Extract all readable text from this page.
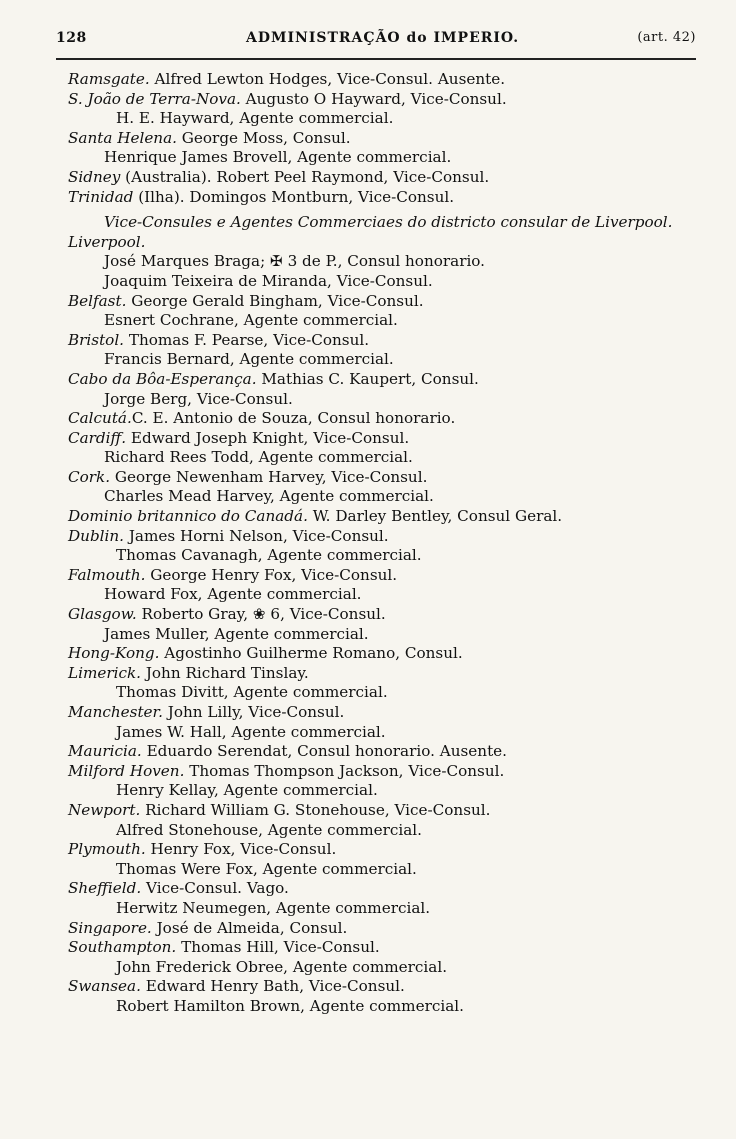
128	ADMINISTRAÇÃO do IMPERIO.	(art. 42)
Ramsgate. Alfred Lewton Hodges, Vice-Consul. Ausente.
S. João de Terra-Nova. Augusto O Hayward, Vice-Consul.
H. E. Hayward, Agente commercial.
Santa Helena. George Moss, Consul.
Henrique James Brovell, Agente commercial.
Sidney (Australia). Robert Peel Raymond, Vice-Consul.
Trinidad (Ilha). Domingos Montburn, Vice-Consul.
Vice-Consules e Agentes Commerciaes do districto consular de Liverpool.
Liverpool.
José Marques Braga; ✠ 3 de P., Consul honorario.
Joaquim Teixeira de Miranda, Vice-Consul.
Belfast. George Gerald Bingham, Vice-Consul.
Esnert Cochrane, Agente commercial.
Bristol. Thomas F. Pearse, Vice-Consul.
Francis Bernard, Agente commercial.
Cabo da Bôa-Esperança. Mathias C. Kaupert, Consul.
Jorge Berg, Vice-Consul.
Calcutá.C. E. Antonio de Souza, Consul honorario.
Cardiff. Edward Joseph Knight, Vice-Consul.
Richard Rees Todd, Agente commercial.
Cork. George Newenham Harvey, Vice-Consul.
Charles Mead Harvey, Agente commercial.
Dominio britannico do Canadá. W. Darley Bentley, Consul Geral.
Dublin. James Horni Nelson, Vice-Consul.
Thomas Cavanagh, Agente commercial.
Falmouth. George Henry Fox, Vice-Consul.
Howard Fox, Agente commercial.
Glasgow. Roberto Gray, ❀ 6, Vice-Consul.
James Muller, Agente commercial.
Hong-Kong. Agostinho Guilherme Romano, Consul.
Limerick. John Richard Tinslay.
Thomas Divitt, Agente commercial.
Manchester. John Lilly, Vice-Consul.
James W. Hall, Agente commercial.
Mauricia. Eduardo Serendat, Consul honorario. Ausente.
Milford Hoven. Thomas Thompson Jackson, Vice-Consul.
Henry Kellay, Agente commercial.
Newport. Richard William G. Stonehouse, Vice-Consul.
Alfred Stonehouse, Agente commercial.
Plymouth. Henry Fox, Vice-Consul.
Thomas Were Fox, Agente commercial.
Sheffield. Vice-Consul. Vago.
Herwitz Neumegen, Agente commercial.
Singapore. José de Almeida, Consul.
Southampton. Thomas Hill, Vice-Consul.
John Frederick Obree, Agente commercial.
Swansea. Edward Henry Bath, Vice-Consul.
Robert Hamilton Brown, Agente commercial.
